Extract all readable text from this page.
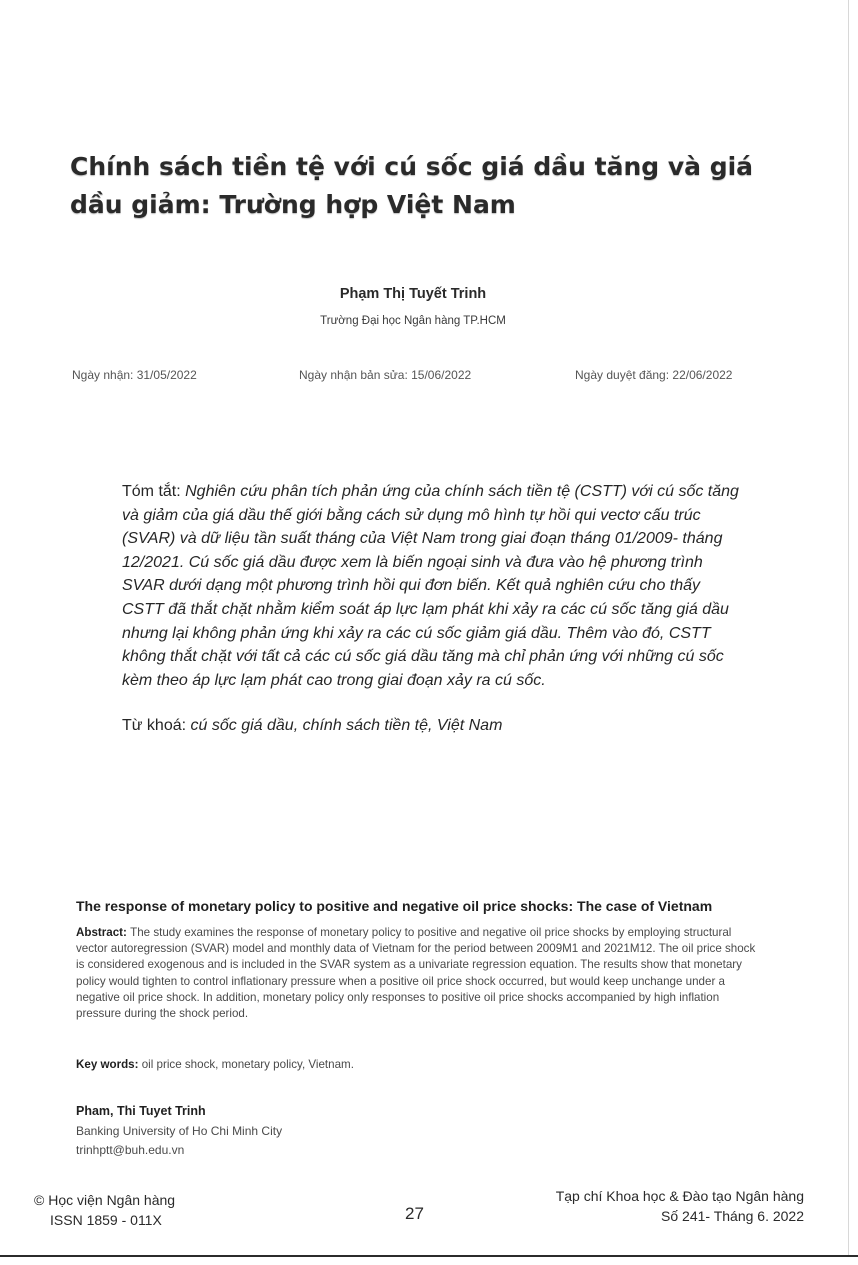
Chính sách tiền tệ với cú sốc giá dầu tăng và giá dầu giảm: Trường hợp Việt Nam
Phạm Thị Tuyết Trinh
Trường Đại học Ngân hàng TP.HCM
Ngày nhận: 31/05/2022	Ngày nhận bản sửa: 15/06/2022	Ngày duyệt đăng: 22/06/2022
Tóm tắt: Nghiên cứu phân tích phản ứng của chính sách tiền tệ (CSTT) với cú sốc tăng và giảm của giá dầu thế giới bằng cách sử dụng mô hình tự hồi qui vectơ cấu trúc (SVAR) và dữ liệu tần suất tháng của Việt Nam trong giai đoạn tháng 01/2009- tháng 12/2021. Cú sốc giá dầu được xem là biến ngoại sinh và đưa vào hệ phương trình SVAR dưới dạng một phương trình hồi qui đơn biến. Kết quả nghiên cứu cho thấy CSTT đã thắt chặt nhằm kiểm soát áp lực lạm phát khi xảy ra các cú sốc tăng giá dầu nhưng lại không phản ứng khi xảy ra các cú sốc giảm giá dầu. Thêm vào đó, CSTT không thắt chặt với tất cả các cú sốc giá dầu tăng mà chỉ phản ứng với những cú sốc kèm theo áp lực lạm phát cao trong giai đoạn xảy ra cú sốc.
Từ khoá: cú sốc giá dầu, chính sách tiền tệ, Việt Nam
The response of monetary policy to positive and negative oil price shocks: The case of Vietnam
Abstract: The study examines the response of monetary policy to positive and negative oil price shocks by employing structural vector autoregression (SVAR) model and monthly data of Vietnam for the period between 2009M1 and 2021M12. The oil price shock is considered exogenous and is included in the SVAR system as a univariate regression equation. The results show that monetary policy would tighten to control inflationary pressure when a positive oil price shock occurred, but would keep unchange under a negative oil price shock. In addition, monetary policy only responses to positive oil price shocks accompanied by high inflation pressure during the shock period.
Key words: oil price shock, monetary policy, Vietnam.
Pham, Thi Tuyet Trinh
Banking University of Ho Chi Minh City
trinhptt@buh.edu.vn
© Học viện Ngân hàng
ISSN 1859 - 011X	27
Tạp chí Khoa học & Đào tạo Ngân hàng
Số 241- Tháng 6. 2022
